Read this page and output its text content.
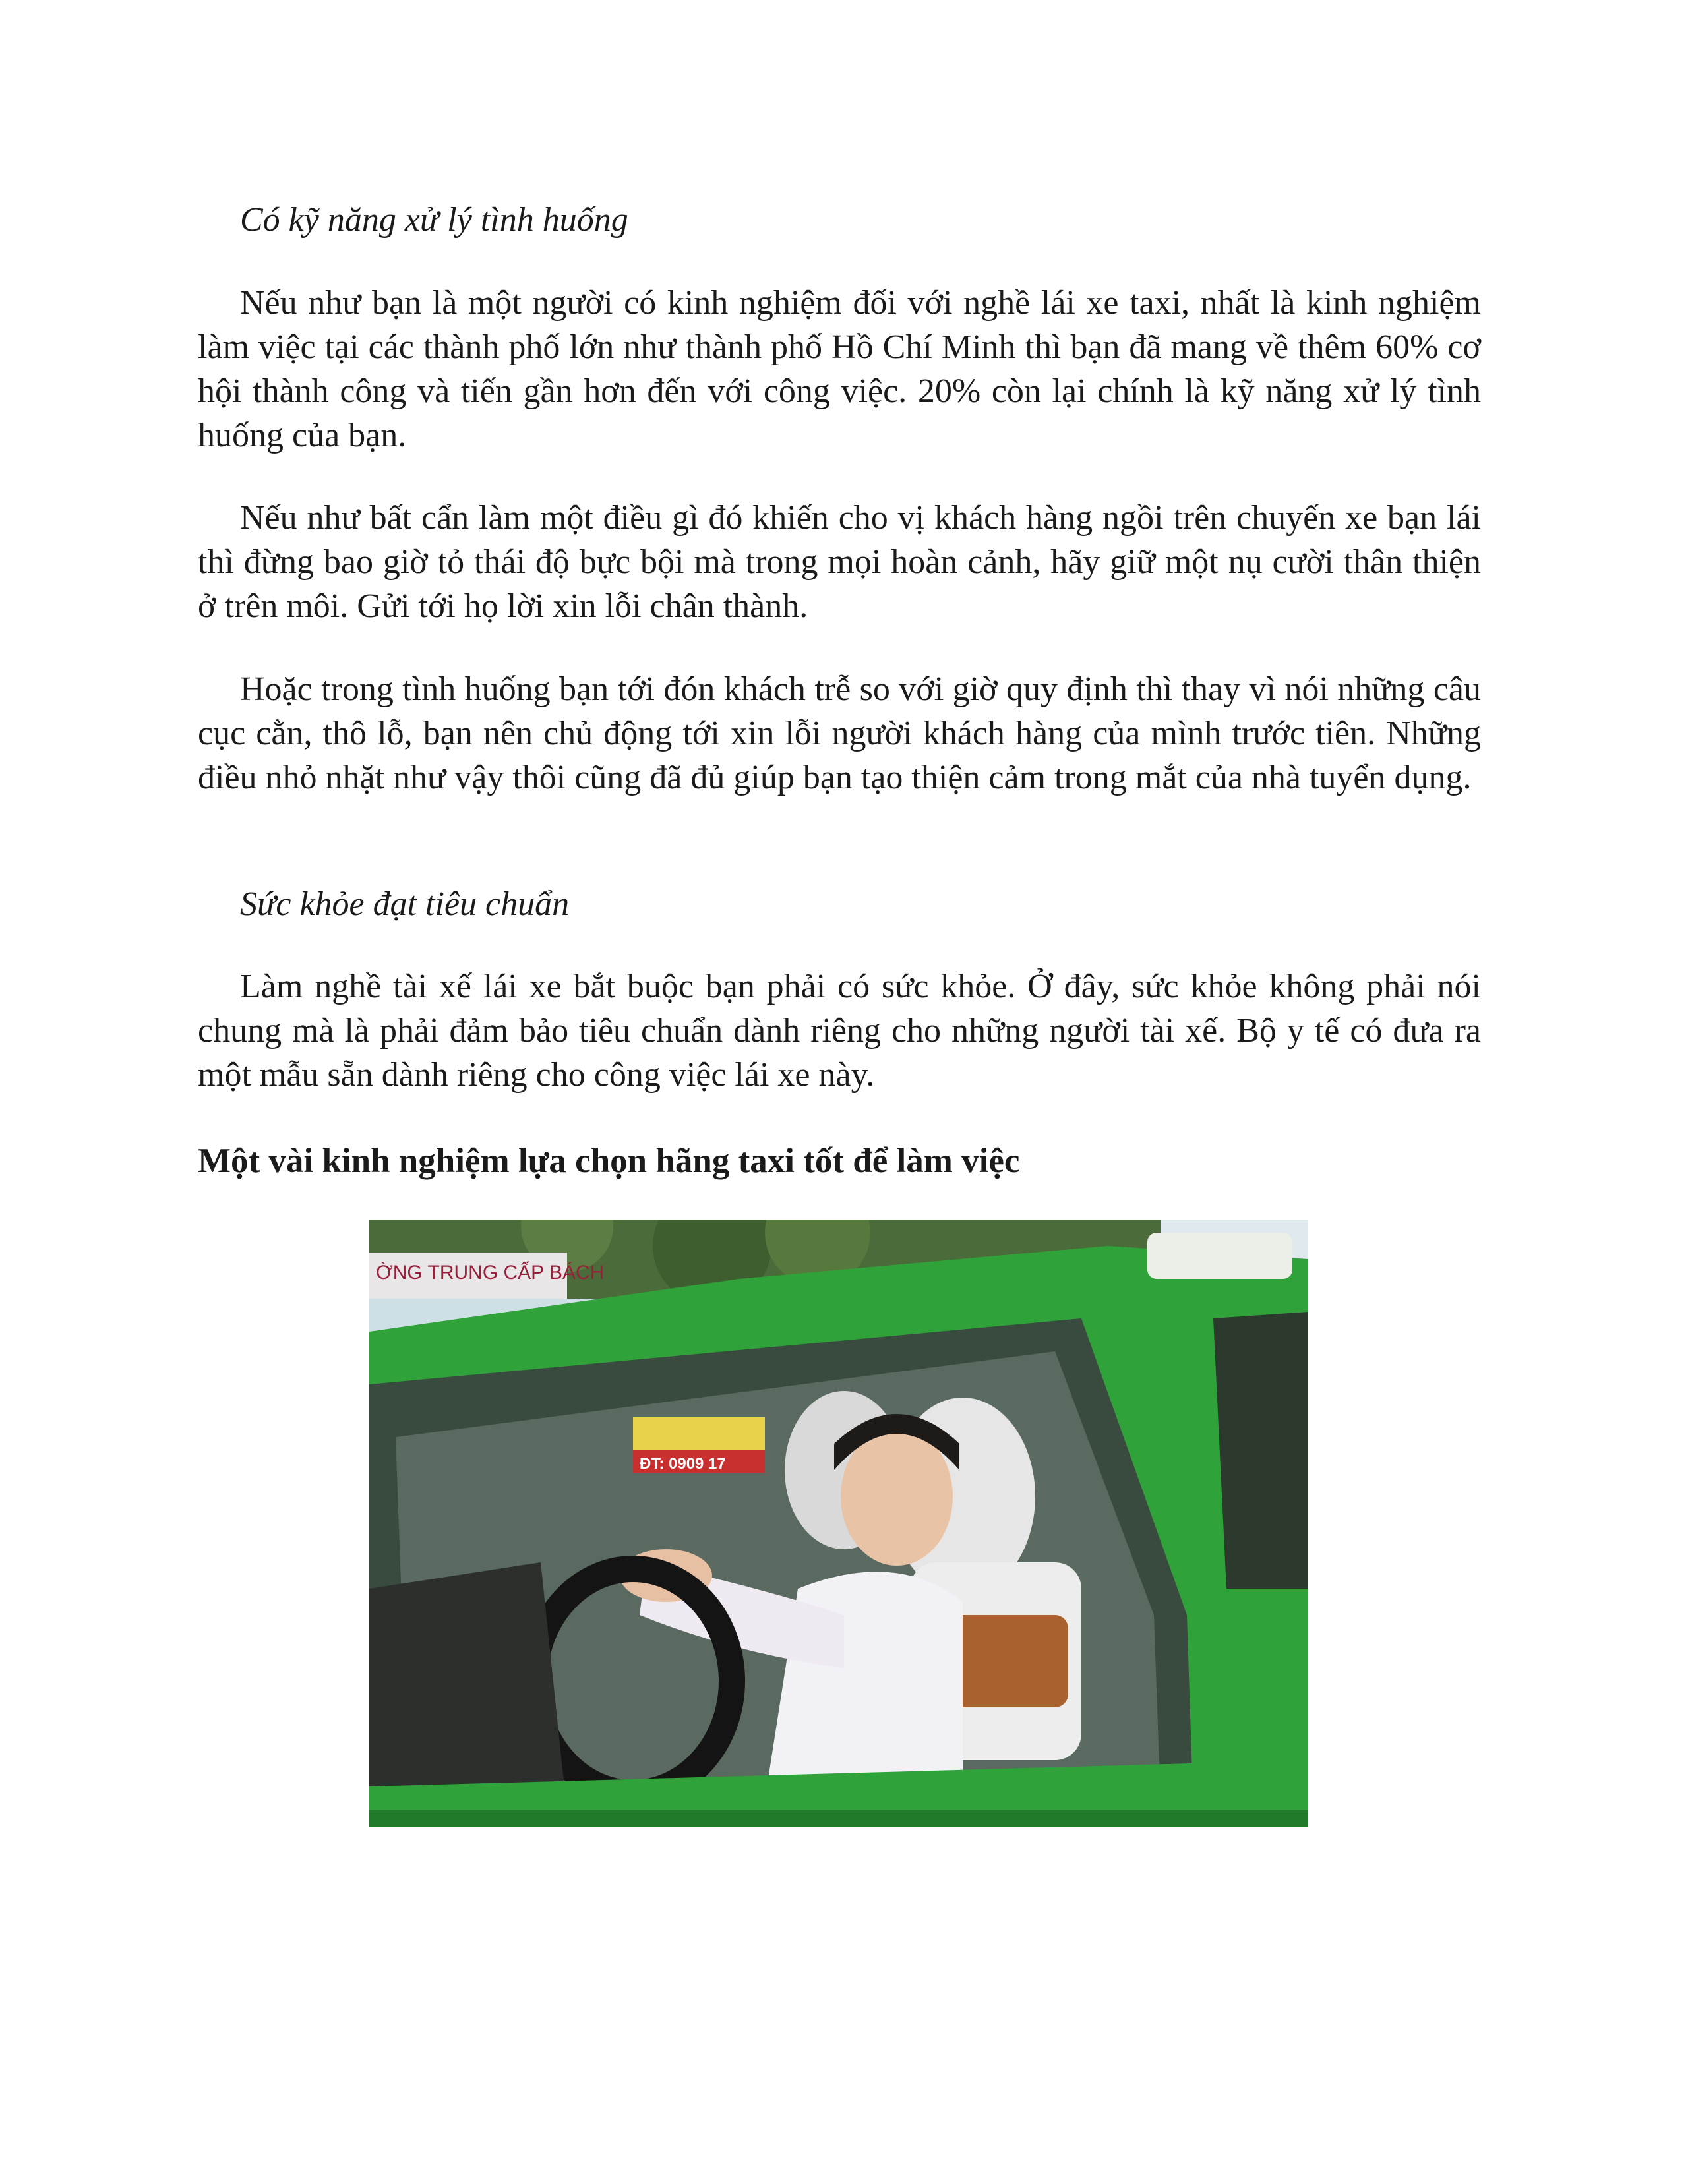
Có kỹ năng xử lý tình huống

Nếu như bạn là một người có kinh nghiệm đối với nghề lái xe taxi, nhất là kinh nghiệm làm việc tại các thành phố lớn như thành phố Hồ Chí Minh thì bạn đã mang về thêm 60% cơ hội thành công và tiến gần hơn đến với công việc. 20% còn lại chính là kỹ năng xử lý tình huống của bạn.

Nếu như bất cẩn làm một điều gì đó khiến cho vị khách hàng ngồi trên chuyến xe bạn lái thì đừng bao giờ tỏ thái độ bực bội mà trong mọi hoàn cảnh, hãy giữ một nụ cười thân thiện ở trên môi. Gửi tới họ lời xin lỗi chân thành.

Hoặc trong tình huống bạn tới đón khách trễ so với giờ quy định thì thay vì nói những câu cục cằn, thô lỗ, bạn nên chủ động tới xin lỗi người khách hàng của mình trước tiên. Những điều nhỏ nhặt như vậy thôi cũng đã đủ giúp bạn tạo thiện cảm trong mắt của nhà tuyển dụng.

Sức khỏe đạt tiêu chuẩn

Làm nghề tài xế lái xe bắt buộc bạn phải có sức khỏe. Ở đây, sức khỏe không phải nói chung mà là phải đảm bảo tiêu chuẩn dành riêng cho những người tài xế. Bộ y tế có đưa ra một mẫu sẵn dành riêng cho công việc lái xe này.

Một vài kinh nghiệm lựa chọn hãng taxi tốt để làm việc

ỜNG TRUNG CẤP BÁCH
ĐT: 0909 17
